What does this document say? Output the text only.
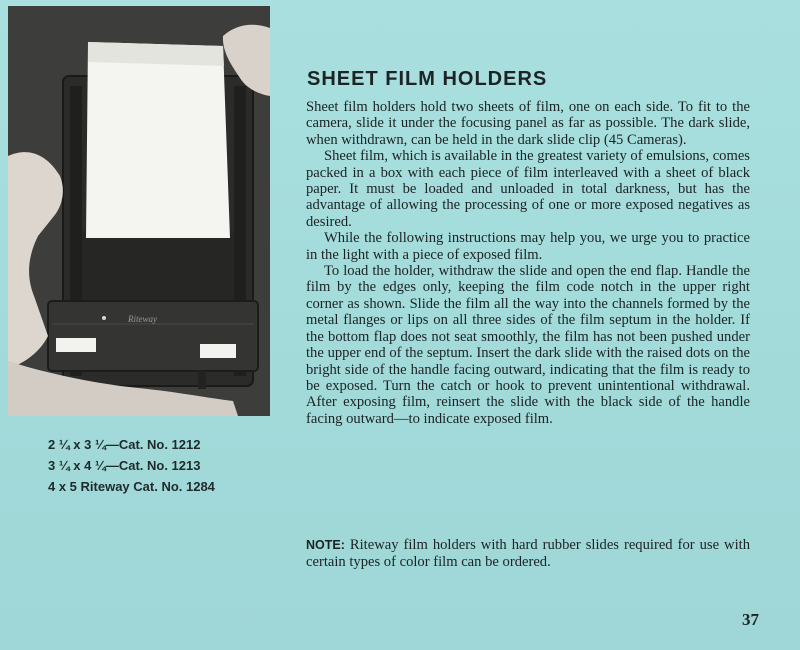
Riteway
2 ¼ x 3 ¼—Cat. No. 1212
3 ¼ x 4 ¼—Cat. No. 1213
4 x 5 Riteway Cat. No. 1284
SHEET FILM HOLDERS

Sheet film holders hold two sheets of film, one on each side. To fit to the camera, slide it under the focusing panel as far as possible. The dark slide, when withdrawn, can be held in the dark slide clip (45 Cameras).

Sheet film, which is available in the greatest variety of emulsions, comes packed in a box with each piece of film interleaved with a sheet of black paper. It must be loaded and unloaded in total darkness, but has the advantage of allowing the processing of one or more exposed negatives as desired.

While the following instructions may help you, we urge you to practice in the light with a piece of exposed film.

To load the holder, withdraw the slide and open the end flap. Handle the film by the edges only, keeping the film code notch in the upper right corner as shown. Slide the film all the way into the channels formed by the metal flanges or lips on all three sides of the film septum in the holder. If the bottom flap does not seat smoothly, the film has not been pushed under the upper end of the septum. Insert the dark slide with the raised dots on the bright side of the handle facing outward, indicating that the film is ready to be exposed. Turn the catch or hook to prevent unintentional withdrawal. After exposing film, reinsert the slide with the black side of the handle facing outward—to indicate exposed film.

NOTE: Riteway film holders with hard rubber slides required for use with certain types of color film can be ordered.
37
